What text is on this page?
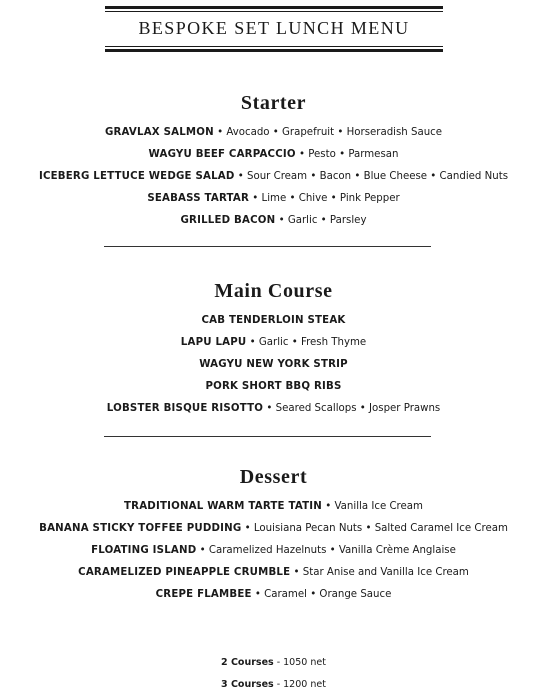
BESPOKE SET LUNCH MENU
Starter
GRAVLAX SALMON • Avocado • Grapefruit • Horseradish Sauce
WAGYU BEEF CARPACCIO • Pesto • Parmesan
ICEBERG LETTUCE WEDGE SALAD • Sour Cream • Bacon • Blue Cheese • Candied Nuts
SEABASS TARTAR • Lime • Chive • Pink Pepper
GRILLED BACON • Garlic • Parsley
Main Course
CAB TENDERLOIN STEAK
LAPU LAPU • Garlic • Fresh Thyme
WAGYU NEW YORK STRIP
PORK SHORT BBQ RIBS
LOBSTER BISQUE RISOTTO • Seared Scallops • Josper Prawns
Dessert
TRADITIONAL WARM TARTE TATIN • Vanilla Ice Cream
BANANA STICKY TOFFEE PUDDING • Louisiana Pecan Nuts • Salted Caramel Ice Cream
FLOATING ISLAND • Caramelized Hazelnuts • Vanilla Crème Anglaise
CARAMELIZED PINEAPPLE CRUMBLE • Star Anise and Vanilla Ice Cream
CREPE FLAMBEE • Caramel • Orange Sauce
2 Courses - 1050 net
3 Courses - 1200 net
